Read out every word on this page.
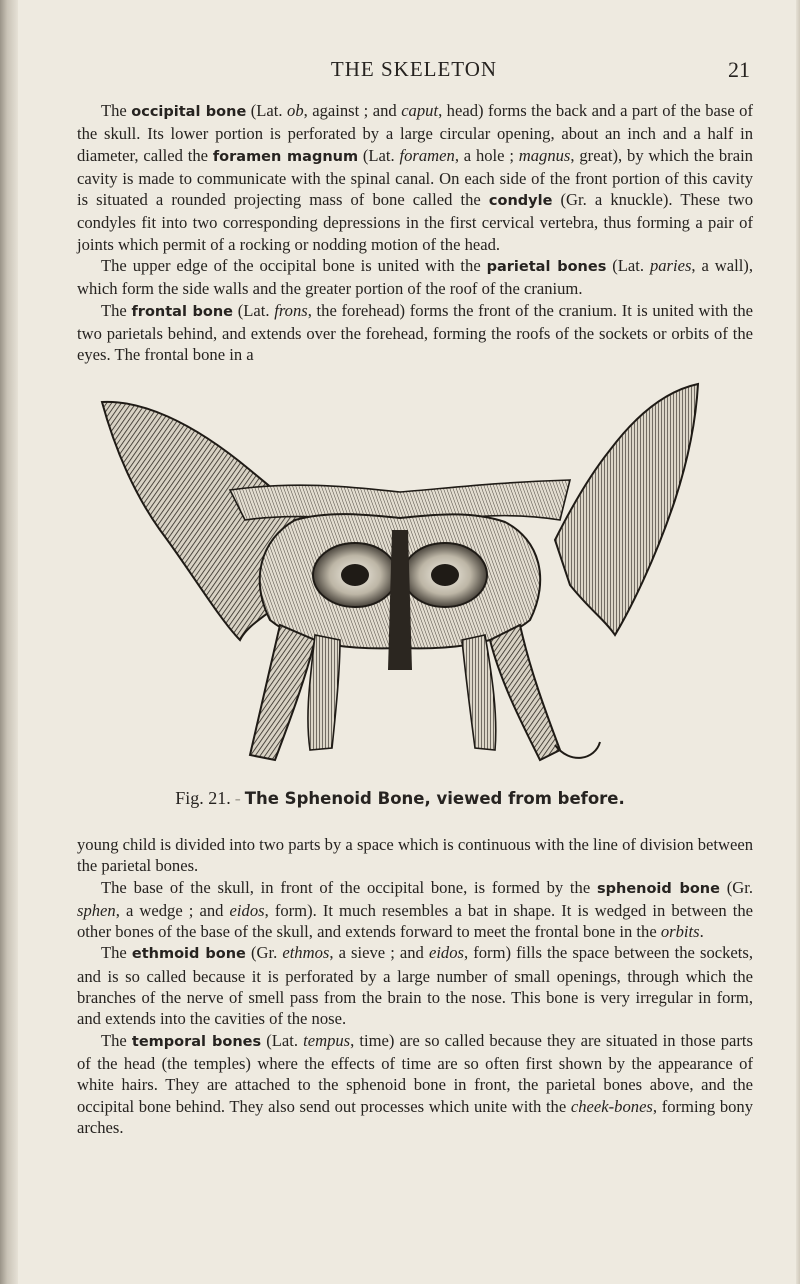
THE SKELETON	21

The occipital bone (Lat. ob, against ; and caput, head) forms the back and a part of the base of the skull. Its lower portion is perforated by a large circular opening, about an inch and a half in diameter, called the foramen magnum (Lat. foramen, a hole ; magnus, great), by which the brain cavity is made to communicate with the spinal canal. On each side of the front portion of this cavity is situated a rounded projecting mass of bone called the condyle (Gr. a knuckle). These two condyles fit into two corresponding depressions in the first cervical vertebra, thus forming a pair of joints which permit of a rocking or nodding motion of the head.

The upper edge of the occipital bone is united with the parietal bones (Lat. paries, a wall), which form the side walls and the greater portion of the roof of the cranium.

The frontal bone (Lat. frons, the forehead) forms the front of the cranium. It is united with the two parietals behind, and extends over the forehead, forming the roofs of the sockets or orbits of the eyes. The frontal bone in a

Fig. 21. - The Sphenoid Bone, viewed from before.

young child is divided into two parts by a space which is continuous with the line of division between the parietal bones.

The base of the skull, in front of the occipital bone, is formed by the sphenoid bone (Gr. sphen, a wedge ; and eidos, form). It much resembles a bat in shape. It is wedged in between the other bones of the base of the skull, and extends forward to meet the frontal bone in the orbits.

The ethmoid bone (Gr. ethmos, a sieve ; and eidos, form) fills the space between the sockets, and is so called because it is perforated by a large number of small openings, through which the branches of the nerve of smell pass from the brain to the nose. This bone is very irregular in form, and extends into the cavities of the nose.

The temporal bones (Lat. tempus, time) are so called because they are situated in those parts of the head (the temples) where the effects of time are so often first shown by the appearance of white hairs. They are attached to the sphenoid bone in front, the parietal bones above, and the occipital bone behind. They also send out processes which unite with the cheek-bones, forming bony arches.
